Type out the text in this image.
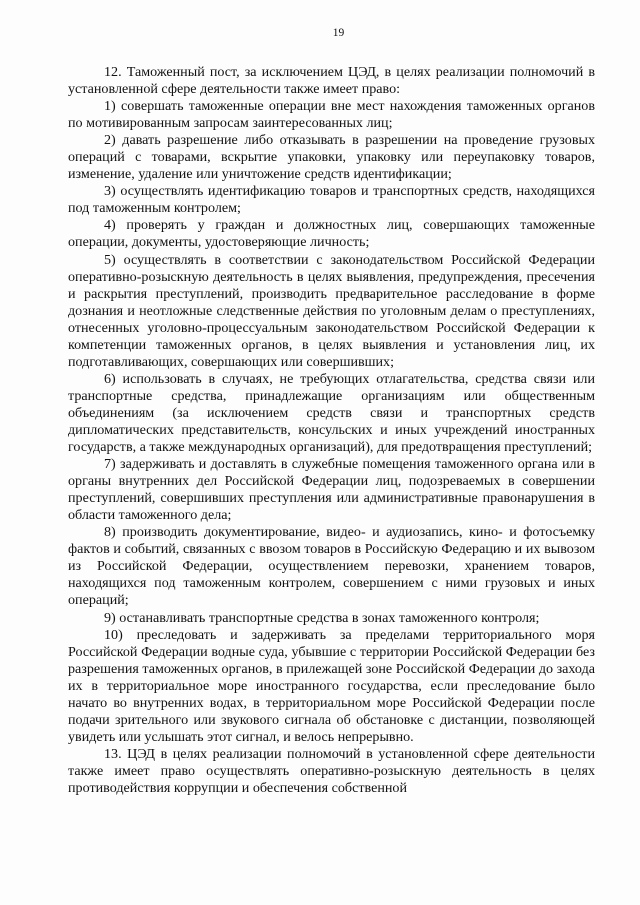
19

12. Таможенный пост, за исключением ЦЭД, в целях реализации полномочий в установленной сфере деятельности также имеет право:

1) совершать таможенные операции вне мест нахождения таможенных органов по мотивированным запросам заинтересованных лиц;

2) давать разрешение либо отказывать в разрешении на проведение грузовых операций с товарами, вскрытие упаковки, упаковку или переупаковку товаров, изменение, удаление или уничтожение средств идентификации;

3) осуществлять идентификацию товаров и транспортных средств, находящихся под таможенным контролем;

4) проверять у граждан и должностных лиц, совершающих таможенные операции, документы, удостоверяющие личность;

5) осуществлять в соответствии с законодательством Российской Федерации оперативно-розыскную деятельность в целях выявления, предупреждения, пресечения и раскрытия преступлений, производить предварительное расследование в форме дознания и неотложные следственные действия по уголовным делам о преступлениях, отнесенных уголовно-процессуальным законодательством Российской Федерации к компетенции таможенных органов, в целях выявления и установления лиц, их подготавливающих, совершающих или совершивших;

6) использовать в случаях, не требующих отлагательства, средства связи или транспортные средства, принадлежащие организациям или общественным объединениям (за исключением средств связи и транспортных средств дипломатических представительств, консульских и иных учреждений иностранных государств, а также международных организаций), для предотвращения преступлений;

7) задерживать и доставлять в служебные помещения таможенного органа или в органы внутренних дел Российской Федерации лиц, подозреваемых в совершении преступлений, совершивших преступления или административные правонарушения в области таможенного дела;

8) производить документирование, видео- и аудиозапись, кино- и фотосъемку фактов и событий, связанных с ввозом товаров в Российскую Федерацию и их вывозом из Российской Федерации, осуществлением перевозки, хранением товаров, находящихся под таможенным контролем, совершением с ними грузовых и иных операций;

9) останавливать транспортные средства в зонах таможенного контроля;

10) преследовать и задерживать за пределами территориального моря Российской Федерации водные суда, убывшие с территории Российской Федерации без разрешения таможенных органов, в прилежащей зоне Российской Федерации до захода их в территориальное море иностранного государства, если преследование было начато во внутренних водах, в территориальном море Российской Федерации после подачи зрительного или звукового сигнала об обстановке с дистанции, позволяющей увидеть или услышать этот сигнал, и велось непрерывно.

13. ЦЭД в целях реализации полномочий в установленной сфере деятельности также имеет право осуществлять оперативно-розыскную деятельность в целях противодействия коррупции и обеспечения собственной
